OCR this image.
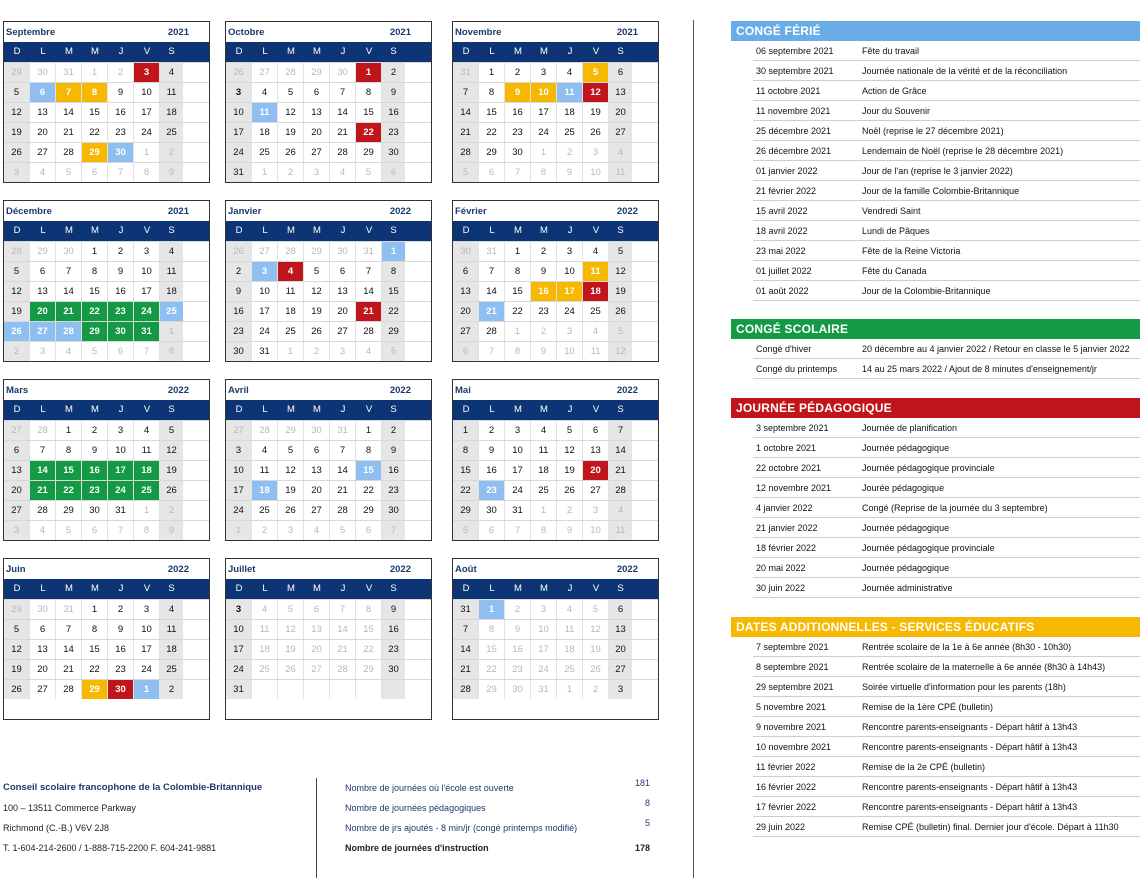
Septembre	2021
D	L	M	M	J	V	S
29	30	31	1	2	3	4
5	6	7	8	9	10	11
12	13	14	15	16	17	18
19	20	21	22	23	24	25
26	27	28	29	30	1	2
3	4	5	6	7	8	9
Octobre	2021
D	L	M	M	J	V	S
26	27	28	29	30	1	2
3	4	5	6	7	8	9
10	11	12	13	14	15	16
17	18	19	20	21	22	23
24	25	26	27	28	29	30
31	1	2	3	4	5	6
Novembre	2021
D	L	M	M	J	V	S
31	1	2	3	4	5	6
7	8	9	10	11	12	13
14	15	16	17	18	19	20
21	22	23	24	25	26	27
28	29	30	1	2	3	4
5	6	7	8	9	10	11
Décembre	2021
D	L	M	M	J	V	S
28	29	30	1	2	3	4
5	6	7	8	9	10	11
12	13	14	15	16	17	18
19	20	21	22	23	24	25
26	27	28	29	30	31	1
2	3	4	5	6	7	8
Janvier	2022
D	L	M	M	J	V	S
26	27	28	29	30	31	1
2	3	4	5	6	7	8
9	10	11	12	13	14	15
16	17	18	19	20	21	22
23	24	25	26	27	28	29
30	31	1	2	3	4	5
Février	2022
D	L	M	M	J	V	S
30	31	1	2	3	4	5
6	7	8	9	10	11	12
13	14	15	16	17	18	19
20	21	22	23	24	25	26
27	28	1	2	3	4	5
6	7	8	9	10	11	12
Mars	2022
D	L	M	M	J	V	S
27	28	1	2	3	4	5
6	7	8	9	10	11	12
13	14	15	16	17	18	19
20	21	22	23	24	25	26
27	28	29	30	31	1	2
3	4	5	6	7	8	9
Avril	2022
D	L	M	M	J	V	S
27	28	29	30	31	1	2
3	4	5	6	7	8	9
10	11	12	13	14	15	16
17	18	19	20	21	22	23
24	25	26	27	28	29	30
1	2	3	4	5	6	7
Mai	2022
D	L	M	M	J	V	S
1	2	3	4	5	6	7
8	9	10	11	12	13	14
15	16	17	18	19	20	21
22	23	24	25	26	27	28
29	30	31	1	2	3	4
5	6	7	8	9	10	11
Juin	2022
D	L	M	M	J	V	S
29	30	31	1	2	3	4
5	6	7	8	9	10	11
12	13	14	15	16	17	18
19	20	21	22	23	24	25
26	27	28	29	30	1	2
Juillet	2022
D	L	M	M	J	V	S
3	4	5	6	7	8	9
10	11	12	13	14	15	16
17	18	19	20	21	22	23
24	25	26	27	28	29	30
31
Août	2022
D	L	M	M	J	V	S
31	1	2	3	4	5	6
7	8	9	10	11	12	13
14	15	16	17	18	19	20
21	22	23	24	25	26	27
28	29	30	31	1	2	3
Conseil scolaire francophone de la Colombie-Britannique
100 – 13511 Commerce Parkway
Richmond (C.-B.) V6V 2J8
T. 1-604-214-2600 / 1-888-715-2200 F. 604-241-9881
Nombre de journées où l'école est ouverte	181
Nombre de journées pédagogiques	8
Nombre de jrs ajoutés - 8 min/jr (congé printemps modifié)	5
Nombre de journées d'instruction	178
CONGÉ FÉRIÉ
06 septembre 2021	Fête du travail
30 septembre 2021	Journée nationale de la vérité et de la réconciliation
11 octobre 2021	Action de Grâce
11 novembre 2021	Jour du Souvenir
25 décembre 2021	Noël (reprise le 27 décembre 2021)
26 décembre 2021	Lendemain de Noël (reprise le 28 décembre 2021)
01 janvier 2022	Jour de l'an (reprise le 3 janvier 2022)
21 février 2022	Jour de la famille Colombie-Britannique
15 avril 2022	Vendredi Saint
18 avril 2022	Lundi de Pâques
23 mai 2022	Fête de la Reine Victoria
01 juillet 2022	Fête du Canada
01 août 2022	Jour de la Colombie-Britannique
CONGÉ SCOLAIRE
Congé d'hiver	20 décembre au 4 janvier 2022 / Retour en classe le 5 janvier 2022
Congé du printemps	14 au 25 mars 2022 / Ajout de 8 minutes d'enseignement/jr
JOURNÉE PÉDAGOGIQUE
3 septembre 2021	Journée de planification
1 octobre 2021	Journée pédagogique
22 octobre 2021	Journée pédagogique provinciale
12 novembre 2021	Jourée pédagogique
4 janvier 2022	Congé (Reprise de la journée du 3 septembre)
21 janvier 2022	Journée pédagogique
18 février 2022	Journée pédagogique provinciale
20 mai 2022	Journée pédagogique
30 juin 2022	Journée administrative
DATES ADDITIONNELLES - SERVICES ÉDUCATIFS
7 septembre 2021	Rentrée scolaire de la 1e à 6e année (8h30 - 10h30)
8 septembre 2021	Rentrée scolaire de la maternelle à 6e année (8h30 à 14h43)
29 septembre 2021	Soirée virtuelle d'information pour les parents (18h)
5 novembre 2021	Remise de la 1ère CPÉ (bulletin)
9 novembre 2021	Rencontre parents-enseignants - Départ hâtif à 13h43
10 novembre 2021	Rencontre parents-enseignants - Départ hâtif à 13h43
11 février 2022	Remise de la 2e CPÉ (bulletin)
16 février 2022	Rencontre parents-enseignants - Départ hâtif à 13h43
17 février 2022	Rencontre parents-enseignants - Départ hâtif à 13h43
29 juin 2022	Remise CPÉ (bulletin) final. Dernier jour d'école. Départ à 11h30
